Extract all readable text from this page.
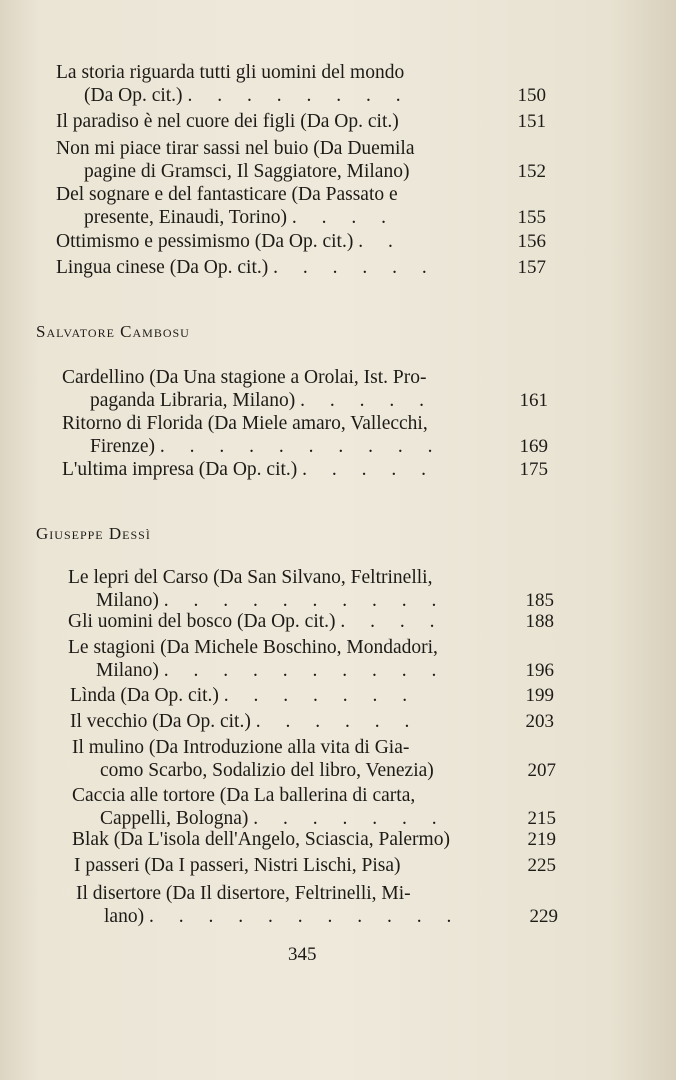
La storia riguarda tutti gli uomini del mondo
(Da Op. cit.) . . . . . . . .	150
Il paradiso è nel cuore dei figli (Da Op. cit.)	151
Non mi piace tirar sassi nel buio (Da Duemila
pagine di Gramsci, Il Saggiatore, Milano)	152
Del sognare e del fantasticare (Da Passato e
presente, Einaudi, Torino) . . . .	155
Ottimismo e pessimismo (Da Op. cit.) . .	156
Lingua cinese (Da Op. cit.) . . . . . .	157
Salvatore Cambosu
Cardellino (Da Una stagione a Orolai, Ist. Pro-
paganda Libraria, Milano) . . . . .	161
Ritorno di Florida (Da Miele amaro, Vallecchi,
Firenze) . . . . . . . . . .	169
L'ultima impresa (Da Op. cit.) . . . . .	175
Giuseppe Dessì
Le lepri del Carso (Da San Silvano, Feltrinelli,
Milano) . . . . . . . . . .	185
Gli uomini del bosco (Da Op. cit.) . . . .	188
Le stagioni (Da Michele Boschino, Mondadori,
Milano) . . . . . . . . . .	196
Lìnda (Da Op. cit.) . . . . . . .	199
Il vecchio (Da Op. cit.) . . . . . .	203
Il mulino (Da Introduzione alla vita di Gia-
como Scarbo, Sodalizio del libro, Venezia)	207
Caccia alle tortore (Da La ballerina di carta,
Cappelli, Bologna) . . . . . . .	215
Blak (Da L'isola dell'Angelo, Sciascia, Palermo)	219
I passeri (Da I passeri, Nistri Lischi, Pisa)	225
Il disertore (Da Il disertore, Feltrinelli, Mi-
lano) . . . . . . . . . . .	229
345
